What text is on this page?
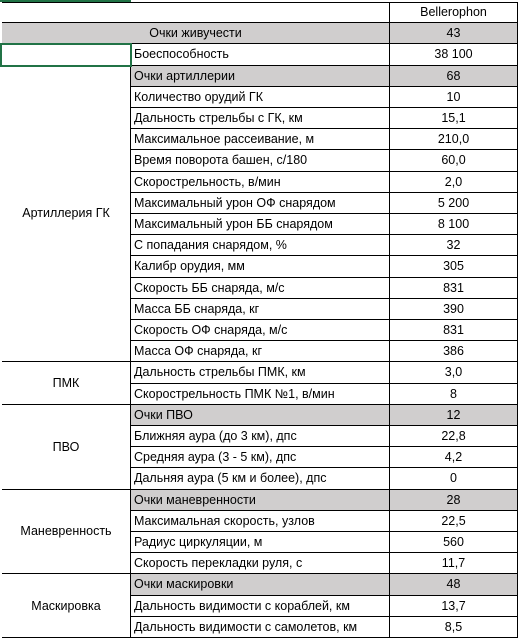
Bellerophon
Очки живучести	43
Боеспособность	38 100
Артиллерия ГК
Очки артиллерии	68
Количество орудий ГК	10
Дальность стрельбы с ГК, км	15,1
Максимальное рассеивание, м	210,0
Время поворота башен, с/180	60,0
Скорострельность, в/мин	2,0
Максимальный урон ОФ снарядом	5 200
Максимальный урон ББ снарядом	8 100
С попадания снарядом, %	32
Калибр орудия, мм	305
Скорость ББ снаряда, м/с	831
Масса ББ снаряда, кг	390
Скорость ОФ снаряда, м/с	831
Масса ОФ снаряда, кг	386
ПМК
Дальность стрельбы ПМК, км	3,0
Скорострельность ПМК №1, в/мин	8
ПВО
Очки ПВО	12
Ближняя аура (до 3 км), дпс	22,8
Средняя аура (3 - 5 км), дпс	4,2
Дальняя аура (5 км и более), дпс	0
Маневренность
Очки маневренности	28
Максимальная скорость, узлов	22,5
Радиус циркуляции, м	560
Скорость перекладки руля, с	11,7
Маскировка
Очки маскировки	48
Дальность видимости с кораблей, км	13,7
Дальность видимости с самолетов, км	8,5
